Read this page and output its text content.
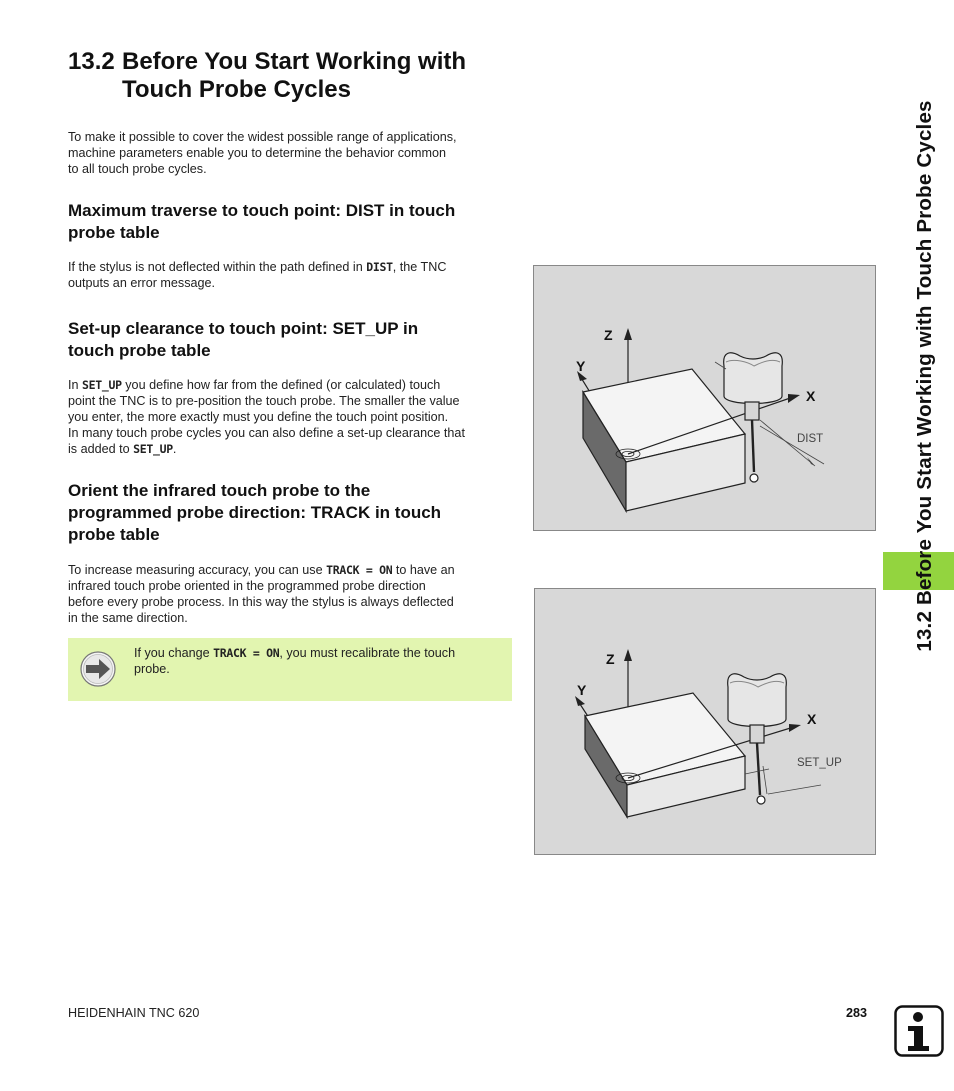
13.2 Before You Start Working with
Touch Probe Cycles
To make it possible to cover the widest possible range of applications,
machine parameters enable you to determine the behavior common
to all touch probe cycles.
Maximum traverse to touch point: DIST in touch
probe table
If the stylus is not deflected within the path defined in DIST, the TNC
outputs an error message.
Set-up clearance to touch point: SET_UP in
touch probe table
In SET_UP you define how far from the defined (or calculated) touch
point the TNC is to pre-position the touch probe. The smaller the value
you enter, the more exactly must you define the touch point position.
In many touch probe cycles you can also define a set-up clearance that
is added to SET_UP.
Orient the infrared touch probe to the
programmed probe direction: TRACK in touch
probe table
To increase measuring accuracy, you can use TRACK = ON to have an
infrared touch probe oriented in the programmed probe direction
before every probe process. In this way the stylus is always deflected
in the same direction.
If you change TRACK = ON, you must recalibrate the touch
probe.
Z
Y
X
DIST
Z
Y
X
SET_UP
13.2 Before You Start Working with Touch Probe Cycles
HEIDENHAIN TNC 620	283
